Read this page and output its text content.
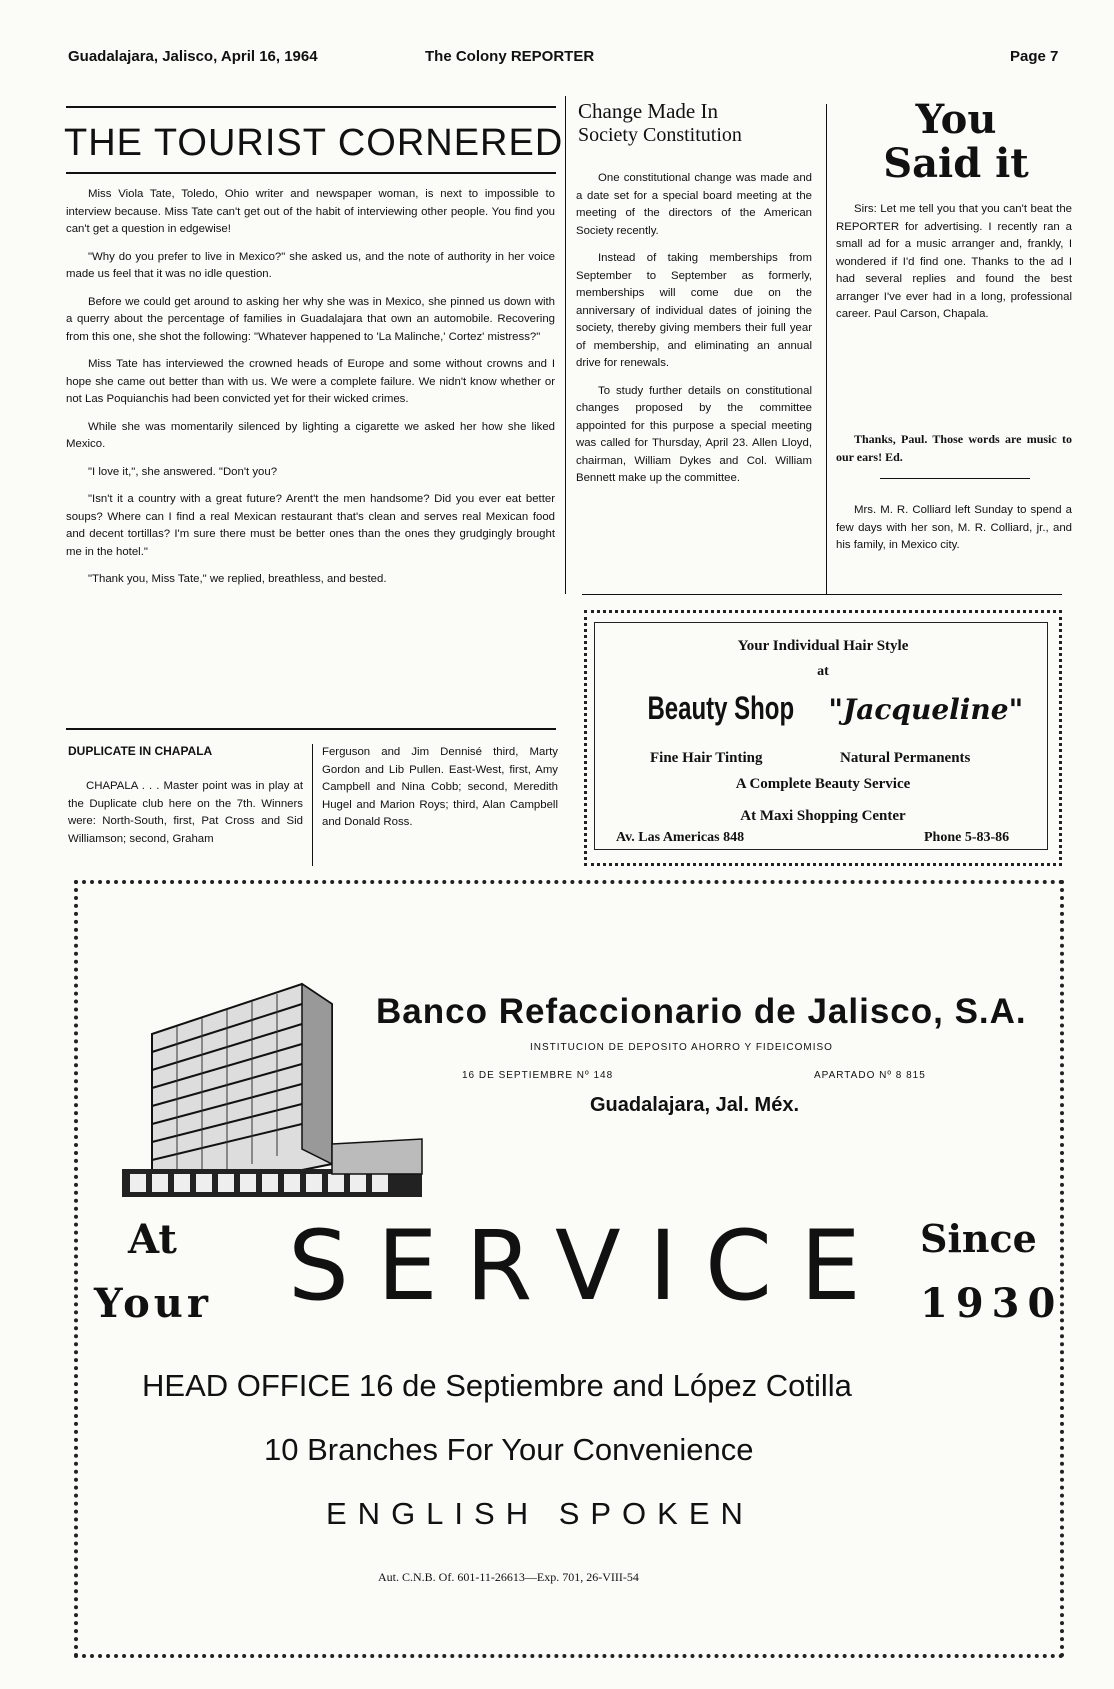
Guadalajara, Jalisco, April 16, 1964	The Colony REPORTER	Page 7
THE TOURIST CORNERED

Miss Viola Tate, Toledo, Ohio writer and newspaper woman, is next to impossible to interview because. Miss Tate can't get out of the habit of interviewing other people. You find you can't get a question in edgewise!

"Why do you prefer to live in Mexico?" she asked us, and the note of authority in her voice made us feel that it was no idle question.

Before we could get around to asking her why she was in Mexico, she pinned us down with a querry about the percentage of families in Guadalajara that own an automobile. Recovering from this one, she shot the following: "Whatever happened to 'La Malinche,' Cortez' mistress?"

Miss Tate has interviewed the crowned heads of Europe and some without crowns and I hope she came out better than with us. We were a complete failure. We nidn't know whether or not Las Poquianchis had been convicted yet for their wicked crimes.

While she was momentarily silenced by lighting a cigarette we asked her how she liked Mexico.

"I love it,", she answered. "Don't you?

"Isn't it a country with a great future? Arent't the men handsome? Did you ever eat better soups? Where can I find a real Mexican restaurant that's clean and serves real Mexican food and decent tortillas? I'm sure there must be better ones than the ones they grudgingly brought me in the hotel."

"Thank you, Miss Tate," we replied, breathless, and bested.

DUPLICATE IN CHAPALA
CHAPALA . . . Master point was in play at the Duplicate club here on the 7th. Winners were: North-South, first, Pat Cross and Sid Williamson; second, Graham
Ferguson and Jim Dennisé third, Marty Gordon and Lib Pullen. East-West, first, Amy Campbell and Nina Cobb; second, Meredith Hugel and Marion Roys; third, Alan Campbell and Donald Ross.
Change Made In
Society Constitution

One constitutional change was made and a date set for a special board meeting at the meeting of the directors of the American Society recently.

Instead of taking memberships from September to September as formerly, memberships will come due on the anniversary of individual dates of joining the society, thereby giving members their full year of membership, and eliminating an annual drive for renewals.

To study further details on constitutional changes proposed by the committee appointed for this purpose a special meeting was called for Thursday, April 23. Allen Lloyd, chairman, William Dykes and Col. William Bennett make up the committee.

You
Said it
Sirs: Let me tell you that you can't beat the REPORTER for advertising. I recently ran a small ad for a music arranger and, frankly, I wondered if I'd find one. Thanks to the ad I had several replies and found the best arranger I've ever had in a long, professional career. Paul Carson, Chapala.
Thanks, Paul. Those words are music to our ears! Ed.
Mrs. M. R. Colliard left Sunday to spend a few days with her son, M. R. Colliard, jr., and his family, in Mexico city.
Your Individual Hair Style
at
Beauty Shop "Jacqueline"
Fine Hair Tinting	Natural Permanents
A Complete Beauty Service
At Maxi Shopping Center
Av. Las Americas 848	Phone 5-83-86
Banco Refaccionario de Jalisco, S.A.
INSTITUCION DE DEPOSITO AHORRO Y FIDEICOMISO
16 DE SEPTIEMBRE Nº 148	APARTADO Nº 8 815
Guadalajara, Jal. Méx.
At
Your SERVICE Since
1930
HEAD OFFICE 16 de Septiembre and López Cotilla
10 Branches For Your Convenience
ENGLISH SPOKEN
Aut. C.N.B. Of. 601-11-26613—Exp. 701, 26-VIII-54
